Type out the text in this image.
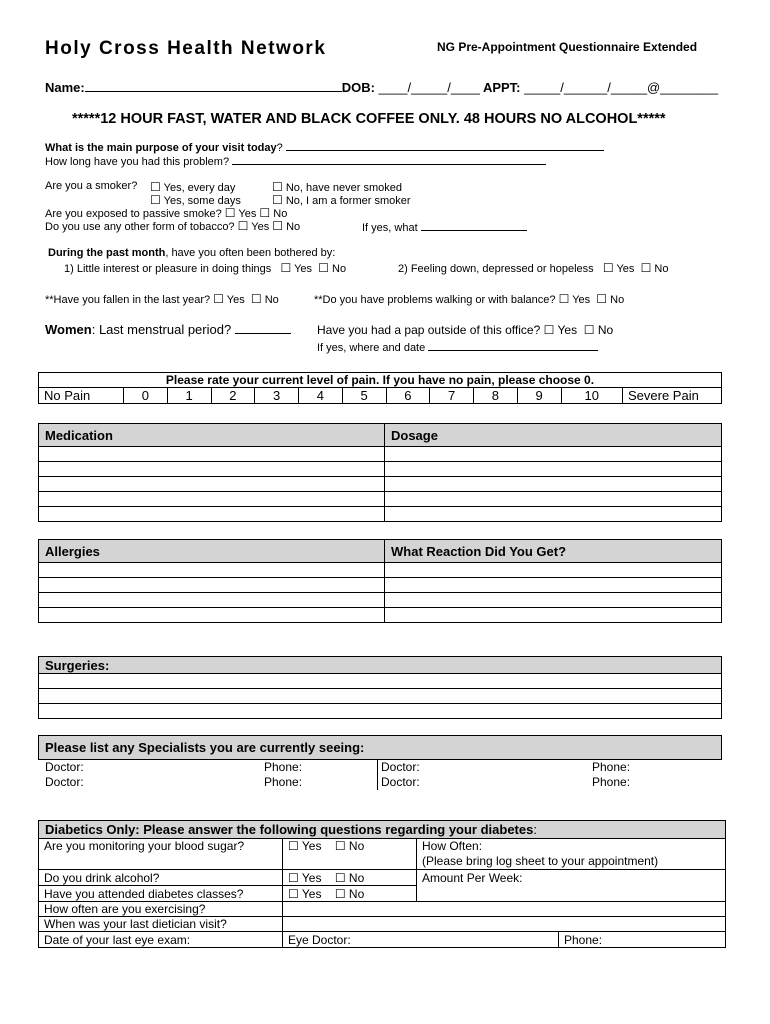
Holy Cross Health Network	NG Pre-Appointment Questionnaire Extended
Name:	DOB: ____/_____/____ APPT: _____/______/_____@________
*****12 HOUR FAST, WATER AND BLACK COFFEE ONLY. 48 HOURS NO ALCOHOL*****
What is the main purpose of your visit today?
How long have you had this problem?
Are you a smoker? ☐ Yes, every day	☐ No, have never smoked
☐ Yes, some days	☐ No, I am a former smoker
Are you exposed to passive smoke? ☐ Yes ☐ No
Do you use any other form of tobacco? ☐ Yes ☐ No	If yes, what
During the past month, have you often been bothered by:
1) Little interest or pleasure in doing things ☐ Yes ☐ No	2) Feeling down, depressed or hopeless ☐ Yes ☐ No
**Have you fallen in the last year? ☐ Yes ☐ No	**Do you have problems walking or with balance? ☐ Yes ☐ No
Women: Last menstrual period?	Have you had a pap outside of this office? ☐ Yes ☐ No
If yes, where and date
Please rate your current level of pain. If you have no pain, please choose 0.
No Pain	0	1	2	3	4	5	6	7	8	9	10	Severe Pain
Medication	Dosage

Allergies	What Reaction Did You Get?

Surgeries:

Please list any Specialists you are currently seeing:
Doctor:	Phone:	Doctor:	Phone:
Doctor:	Phone:	Doctor:	Phone:
Diabetics Only: Please answer the following questions regarding your diabetes:			
Are you monitoring your blood sugar?	☐ Yes ☐ No	How Often:
(Please bring log sheet to your appointment)	

Do you drink alcohol?	☐ Yes ☐ No	Amount Per Week:	
Have you attended diabetes classes?	☐ Yes ☐ No		
How often are you exercising?			
When was your last dietician visit?			
Date of your last eye exam:	Eye Doctor:		Phone:
